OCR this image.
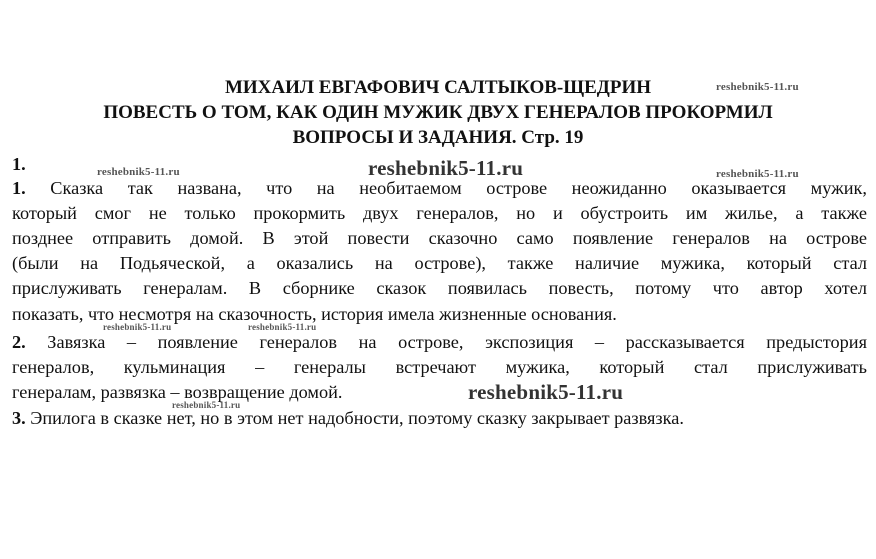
МИХАИЛ ЕВГАФОВИЧ САЛТЫКОВ-ЩЕДРИН
ПОВЕСТЬ О ТОМ, КАК ОДИН МУЖИК ДВУХ ГЕНЕРАЛОВ ПРОКОРМИЛ
ВОПРОСЫ И ЗАДАНИЯ. Стр. 19
1.
1. Сказка так названа, что на необитаемом острове неожиданно оказывается мужик,
который смог не только прокормить двух генералов, но и обустроить им жилье, а также
позднее отправить домой. В этой повести сказочно само появление генералов на острове
(были на Подьяческой, а оказались на острове), также наличие мужика, который стал
прислуживать генералам. В сборнике сказок появилась повесть, потому что автор хотел
показать, что несмотря на сказочность, история имела жизненные основания.
2. Завязка – появление генералов на острове, экспозиция – рассказывается предыстория
генералов, кульминация – генералы встречают мужика, который стал прислуживать
генералам, развязка – возвращение домой.
3. Эпилога в сказке нет, но в этом нет надобности, поэтому сказку закрывает развязка.
reshebnik5-11.ru
reshebnik5-11.ru	reshebnik5-11.ru	reshebnik5-11.ru
reshebnik5-11.ru	reshebnik5-11.ru
reshebnik5-11.ru
reshebnik5-11.ru
